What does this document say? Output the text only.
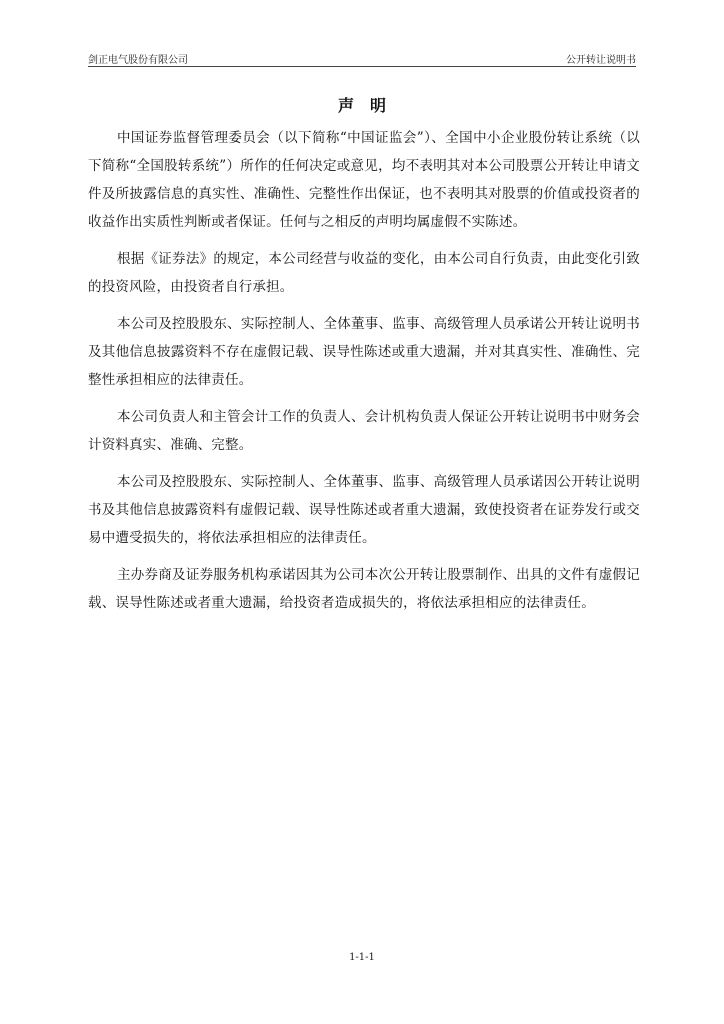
剑正电气股份有限公司	公开转让说明书
声明

中国证券监督管理委员会（以下简称“中国证监会”）、全国中小企业股份转让系统（以下简称“全国股转系统”）所作的任何决定或意见，均不表明其对本公司股票公开转让申请文件及所披露信息的真实性、准确性、完整性作出保证，也不表明其对股票的价值或投资者的收益作出实质性判断或者保证。任何与之相反的声明均属虚假不实陈述。

根据《证券法》的规定，本公司经营与收益的变化，由本公司自行负责，由此变化引致的投资风险，由投资者自行承担。

本公司及控股股东、实际控制人、全体董事、监事、高级管理人员承诺公开转让说明书及其他信息披露资料不存在虚假记载、误导性陈述或重大遗漏，并对其真实性、准确性、完整性承担相应的法律责任。

本公司负责人和主管会计工作的负责人、会计机构负责人保证公开转让说明书中财务会计资料真实、准确、完整。

本公司及控股股东、实际控制人、全体董事、监事、高级管理人员承诺因公开转让说明书及其他信息披露资料有虚假记载、误导性陈述或者重大遗漏，致使投资者在证券发行或交易中遭受损失的，将依法承担相应的法律责任。

主办券商及证券服务机构承诺因其为公司本次公开转让股票制作、出具的文件有虚假记载、误导性陈述或者重大遗漏，给投资者造成损失的，将依法承担相应的法律责任。

1-1-1
